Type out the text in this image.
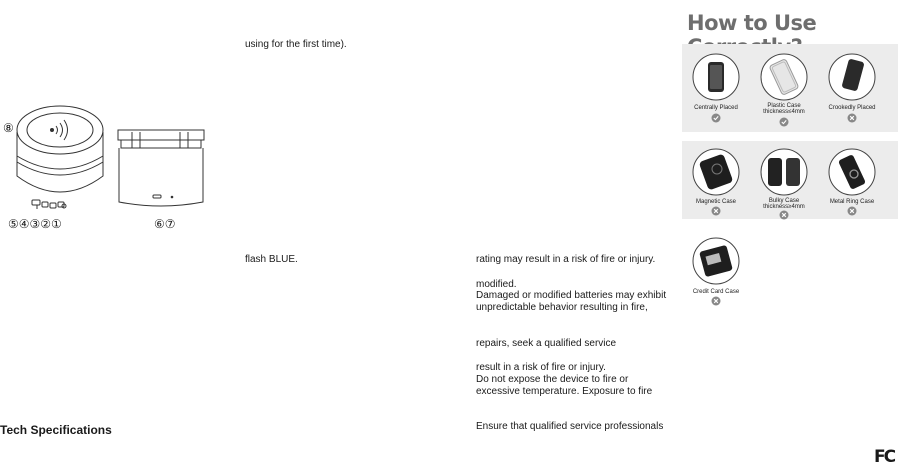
⑧
⑤④③②①	⑥⑦
Tech Specifications
using for the first time).
flash BLUE.	rating may result in a risk of fire or injury.
modified.
Damaged or modified batteries may exhibit
unpredictable behavior resulting in fire,
repairs, seek a qualified service
result in a risk of fire or injury.
Do not expose the device to fire or
excessive temperature. Exposure to fire
Ensure that qualified service professionals
How to Use
Centrally Placed	Plastic Case
thickness≤4mm
Crookedly Placed
Magnetic Case	Bulky Case
thickness≥4mm
Metal Ring Case
Credit Card Case
FC
